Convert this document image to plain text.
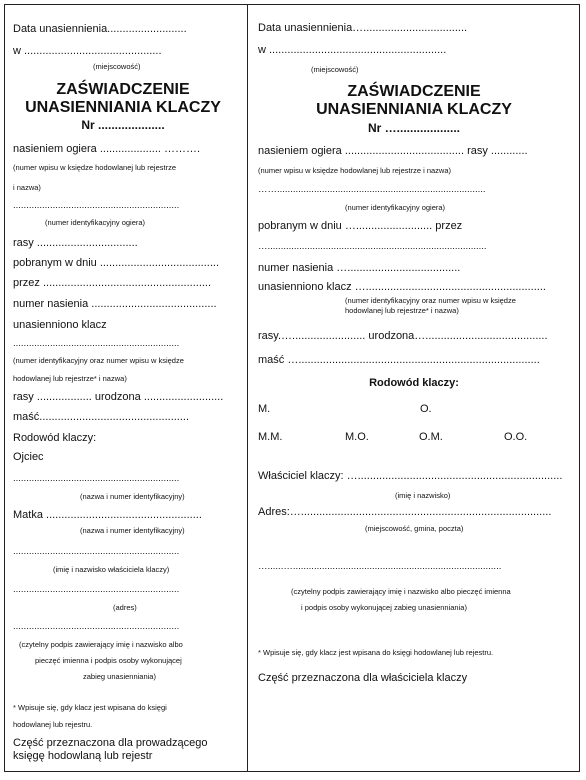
Data unasiennienia..........................
w .............................................
(miejscowość)
ZAŚWIADCZENIE
UNASIENNIANIA KLACZY
Nr ....................
nasieniem ogiera .................... ……….
(numer wpisu w księdze hodowlanej lub rejestrze
i nazwa)
...............................................................
(numer identyfikacyjny ogiera)
rasy .................................
pobranym w dniu .......................................
przez .......................................................
numer nasienia .........................................
unasienniono klacz
...............................................................
(numer identyfikacyjny oraz numer wpisu w księdze
hodowlanej lub rejestrze* i nazwa)
rasy .................. urodzona ..........................
maść.................................................
Rodowód klaczy:
Ojciec
...............................................................
(nazwa i numer identyfikacyjny)
Matka ...................................................
(nazwa i numer identyfikacyjny)
...............................................................
(imię i nazwisko właściciela klaczy)
...............................................................
(adres)
...............................................................
(czytelny podpis zawierający imię i nazwisko albo
pieczęć imienna i podpis osoby wykonującej
zabieg unasienniania)
* Wpisuje się, gdy klacz jest wpisana do księgi
hodowlanej lub rejestru.
Część przeznaczona dla prowadzącego
księgę hodowlaną lub rejestr
Data unasiennienia…..................................
w ..........................................................
(miejscowość)
ZAŚWIADCZENIE
UNASIENNIANIA KLACZY
Nr …...................
nasieniem ogiera ....................................... rasy ............
(numer wpisu w księdze hodowlanej lub rejestrze i nazwa)
……...............................................................................
(numer identyfikacyjny ogiera)
pobranym w dniu …......................... przez
…...................................................................................
numer nasienia ….....................................
unasienniono klacz …...........................................................
(numer identyfikacyjny oraz numer wpisu w księdze
hodowlanej lub rejestrze* i nazwa)
rasy.…........................ urodzona…........................................
maść …...............................................................................
Rodowód klaczy:
M.	O.
M.M.	M.O.	O.M.	O.O.
Właściciel klaczy: …...................................................................
(imię i nazwisko)
Adres:…..................................................................................
(miejscowość, gmina, poczta)
…......…...............................................................................
(czytelny podpis zawierający imię i nazwisko albo pieczęć imienna
i podpis osoby wykonującej zabieg unasienniania)
* Wpisuje się, gdy klacz jest wpisana do księgi hodowlanej lub rejestru.
Część przeznaczona dla właściciela klaczy
